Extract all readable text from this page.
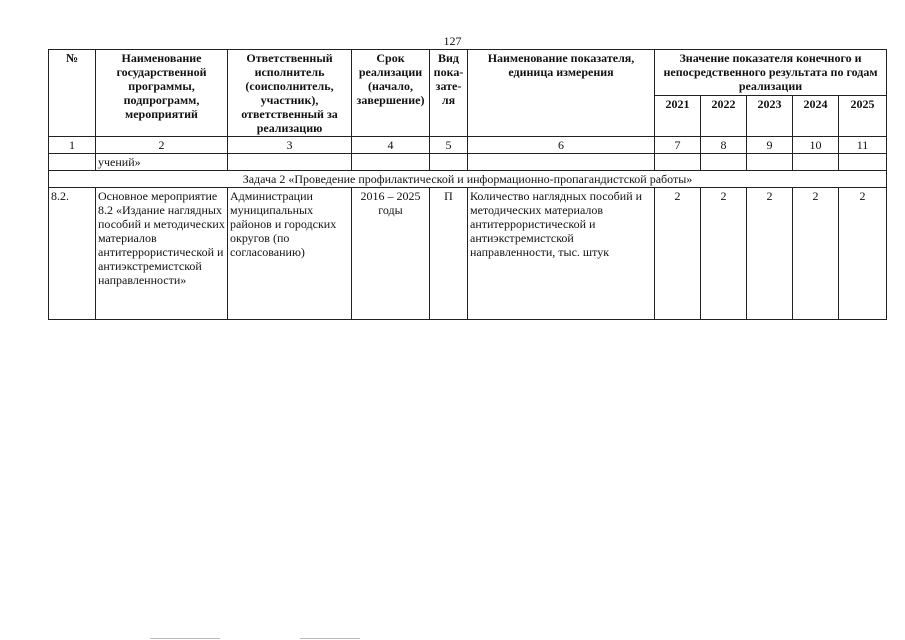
127
№	Наименование государственной программы, подпрограмм, мероприятий	Ответственный исполнитель (соисполнитель, участник), ответственный за реализацию	Срок реализации (начало, завершение)	Вид пока-зате-ля	Наименование показателя, единица измерения	Значение показателя конечного и непосредственного результата по годам реализации				
						2021	2022	2023	2024	2025
1	2	3	4	5	6	7	8	9	10	11
	учений»									
Задача 2 «Проведение профилактической и информационно-пропагандистской работы»										
8.2.	Основное мероприятие 8.2 «Издание наглядных пособий и методических материалов антитеррористической и антиэкстремистской направленности»	Администрации муниципальных районов и городских округов (по согласованию)	2016 – 2025 годы	П	Количество наглядных пособий и методических материалов антитеррористической и антиэкстремистской направленности, тыс. штук	2	2	2	2	2
